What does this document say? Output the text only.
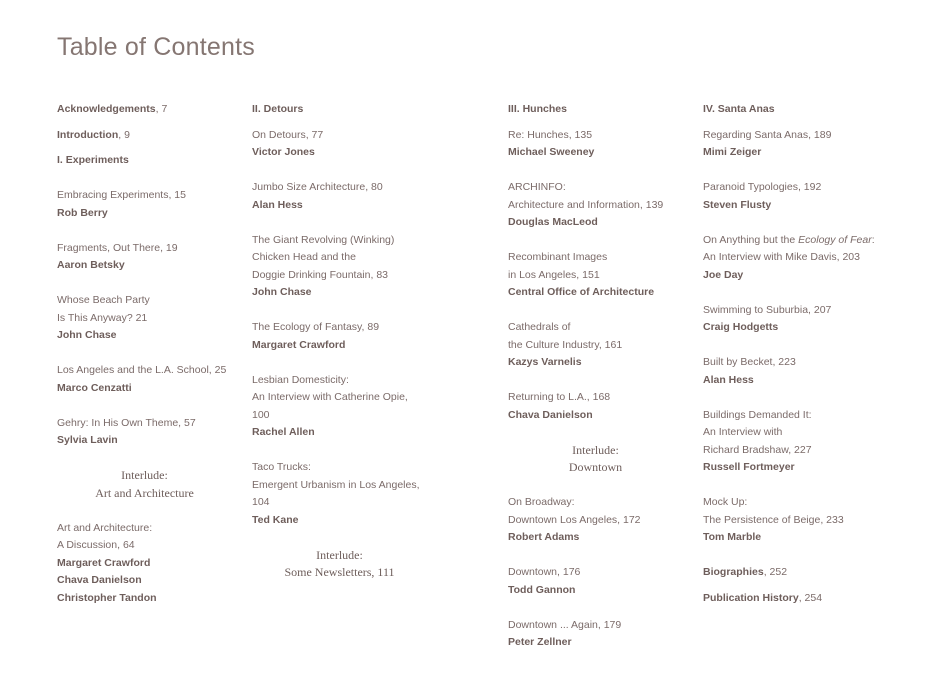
Table of Contents
Acknowledgements, 7
Introduction, 9
I. Experiments
Embracing Experiments, 15
Rob Berry
Fragments, Out There, 19
Aaron Betsky
Whose Beach Party
Is This Anyway? 21
John Chase
Los Angeles and the L.A. School, 25
Marco Cenzatti
Gehry: In His Own Theme, 57
Sylvia Lavin
Interlude:
Art and Architecture
Art and Architecture:
A Discussion, 64
Margaret Crawford
Chava Danielson
Christopher Tandon
II. Detours
On Detours, 77
Victor Jones
Jumbo Size Architecture, 80
Alan Hess
The Giant Revolving (Winking)
Chicken Head and the
Doggie Drinking Fountain, 83
John Chase
The Ecology of Fantasy, 89
Margaret Crawford
Lesbian Domesticity:
An Interview with Catherine Opie,
100
Rachel Allen
Taco Trucks:
Emergent Urbanism in Los Angeles,
104
Ted Kane
Interlude:
Some Newsletters, 111
III. Hunches
Re: Hunches, 135
Michael Sweeney
ARCHINFO:
Architecture and Information, 139
Douglas MacLeod
Recombinant Images
in Los Angeles, 151
Central Office of Architecture
Cathedrals of
the Culture Industry, 161
Kazys Varnelis
Returning to L.A., 168
Chava Danielson
Interlude:
Downtown
On Broadway:
Downtown Los Angeles, 172
Robert Adams
Downtown, 176
Todd Gannon
Downtown ... Again, 179
Peter Zellner
IV. Santa Anas
Regarding Santa Anas, 189
Mimi Zeiger
Paranoid Typologies, 192
Steven Flusty
On Anything but the Ecology of Fear:
An Interview with Mike Davis, 203
Joe Day
Swimming to Suburbia, 207
Craig Hodgetts
Built by Becket, 223
Alan Hess
Buildings Demanded It:
An Interview with
Richard Bradshaw, 227
Russell Fortmeyer
Mock Up:
The Persistence of Beige, 233
Tom Marble
Biographies, 252
Publication History, 254
